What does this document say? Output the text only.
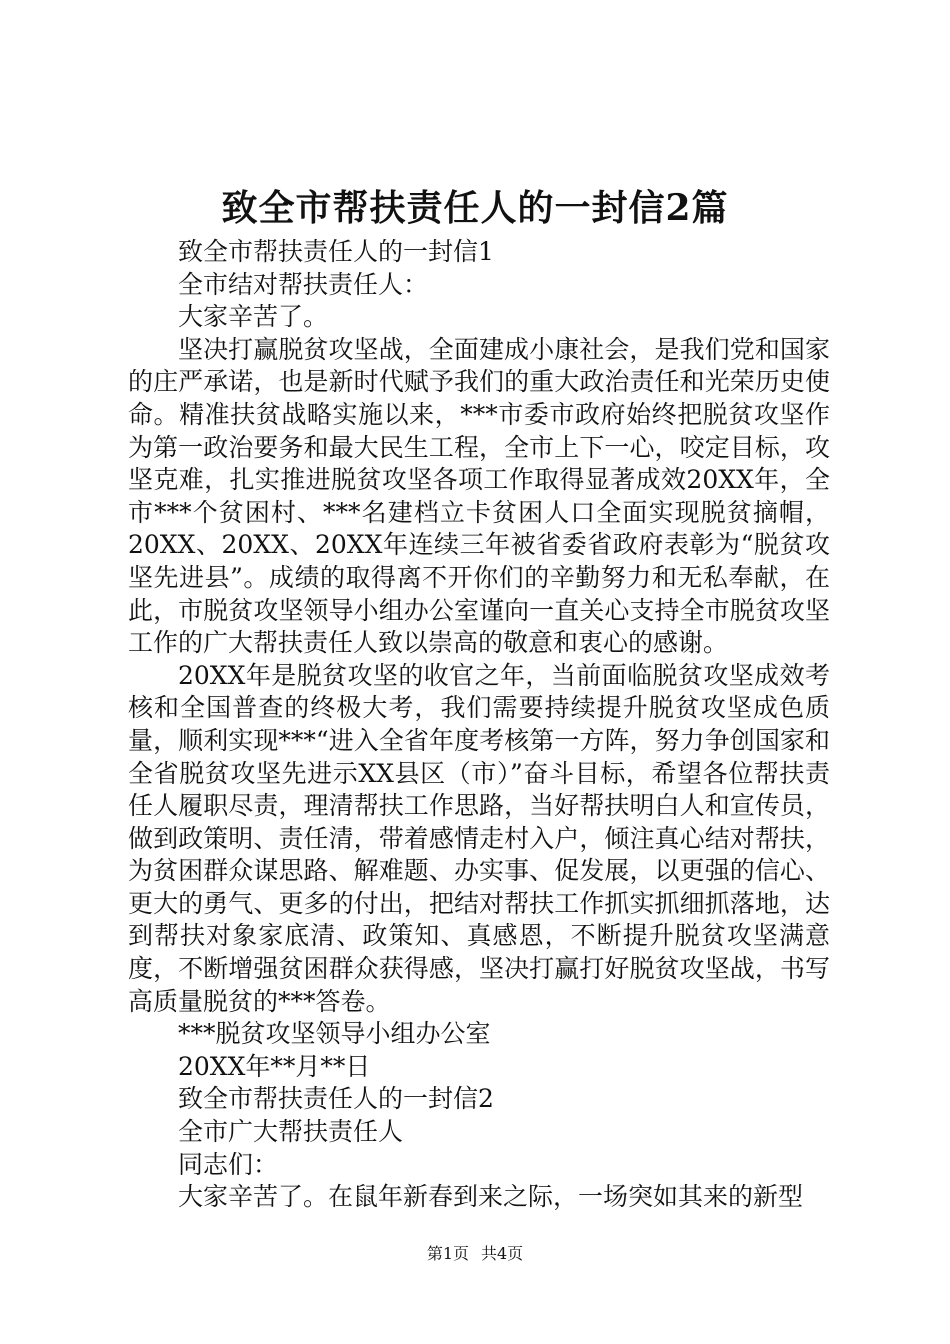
致全市帮扶责任人的一封信2篇
致全市帮扶责任人的一封信1
全市结对帮扶责任人：
大家辛苦了。

坚决打赢脱贫攻坚战，全面建成小康社会，是我们党和国家的庄严承诺，也是新时代赋予我们的重大政治责任和光荣历史使命。精准扶贫战略实施以来，***市委市政府始终把脱贫攻坚作为第一政治要务和最大民生工程，全市上下一心，咬定目标，攻坚克难，扎实推进脱贫攻坚各项工作取得显著成效20XX年，全市***个贫困村、***名建档立卡贫困人口全面实现脱贫摘帽，20XX、20XX、20XX年连续三年被省委省政府表彰为“脱贫攻坚先进县”。成绩的取得离不开你们的辛勤努力和无私奉献，在此，市脱贫攻坚领导小组办公室谨向一直关心支持全市脱贫攻坚工作的广大帮扶责任人致以崇高的敬意和衷心的感谢。

20XX年是脱贫攻坚的收官之年，当前面临脱贫攻坚成效考核和全国普查的终极大考，我们需要持续提升脱贫攻坚成色质量，顺利实现***“进入全省年度考核第一方阵，努力争创国家和全省脱贫攻坚先进示XX县区（市）”奋斗目标，希望各位帮扶责任人履职尽责，理清帮扶工作思路，当好帮扶明白人和宣传员，做到政策明、责任清，带着感情走村入户，倾注真心结对帮扶，为贫困群众谋思路、解难题、办实事、促发展，以更强的信心、更大的勇气、更多的付出，把结对帮扶工作抓实抓细抓落地，达到帮扶对象家底清、政策知、真感恩，不断提升脱贫攻坚满意度，不断增强贫困群众获得感，坚决打赢打好脱贫攻坚战，书写高质量脱贫的***答卷。

***脱贫攻坚领导小组办公室
20XX年**月**日
致全市帮扶责任人的一封信2
全市广大帮扶责任人
同志们：
大家辛苦了。在鼠年新春到来之际，一场突如其来的新型
第1页 共4页
